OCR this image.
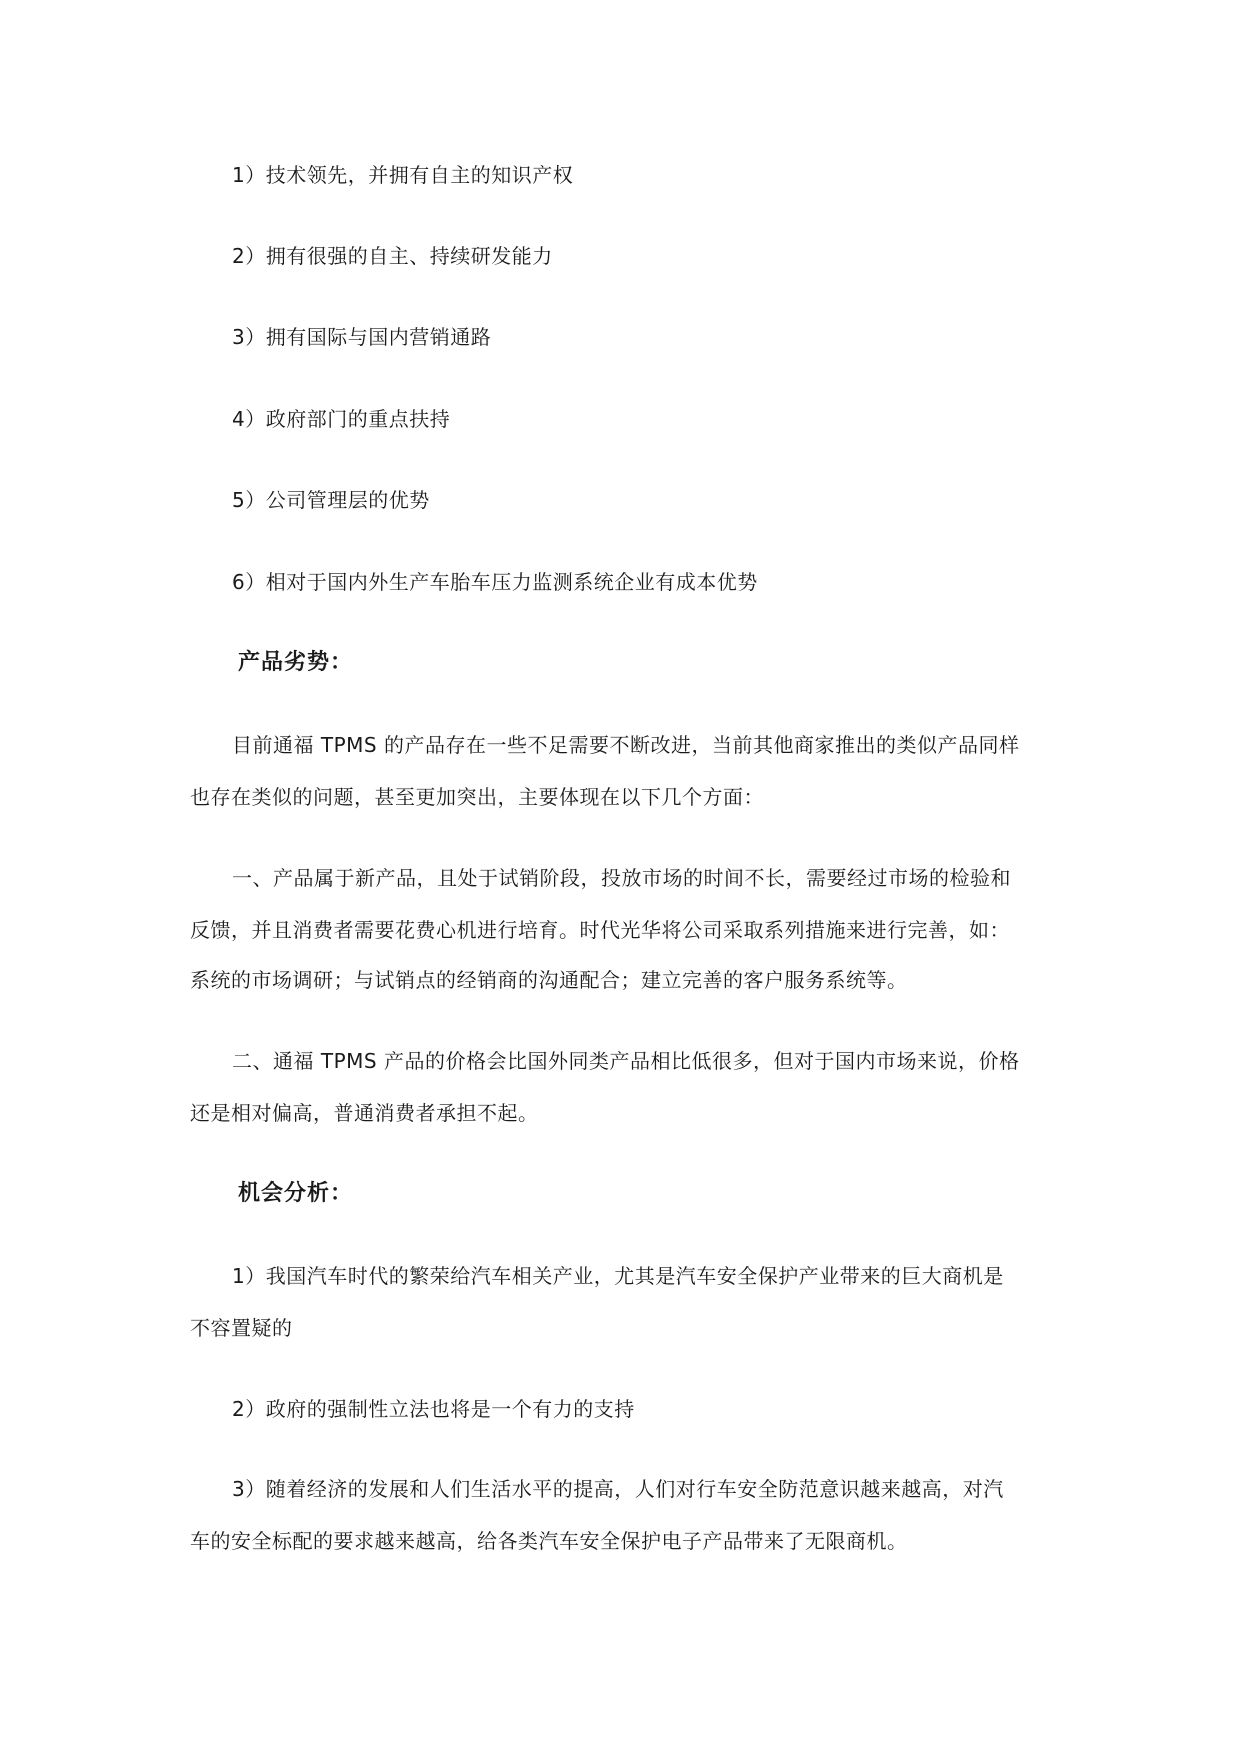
1）技术领先，并拥有自主的知识产权
2）拥有很强的自主、持续研发能力
3）拥有国际与国内营销通路
4）政府部门的重点扶持
5）公司管理层的优势
6）相对于国内外生产车胎车压力监测系统企业有成本优势
产品劣势：
目前通福 TPMS 的产品存在一些不足需要不断改进，当前其他商家推出的类似产品同样
也存在类似的问题，甚至更加突出，主要体现在以下几个方面：
一、产品属于新产品，且处于试销阶段，投放市场的时间不长，需要经过市场的检验和
反馈，并且消费者需要花费心机进行培育。时代光华将公司采取系列措施来进行完善，如：
系统的市场调研；与试销点的经销商的沟通配合；建立完善的客户服务系统等。
二、通福 TPMS 产品的价格会比国外同类产品相比低很多，但对于国内市场来说，价格
还是相对偏高，普通消费者承担不起。
机会分析：
1）我国汽车时代的繁荣给汽车相关产业，尤其是汽车安全保护产业带来的巨大商机是
不容置疑的
2）政府的强制性立法也将是一个有力的支持
3）随着经济的发展和人们生活水平的提高，人们对行车安全防范意识越来越高，对汽
车的安全标配的要求越来越高，给各类汽车安全保护电子产品带来了无限商机。
